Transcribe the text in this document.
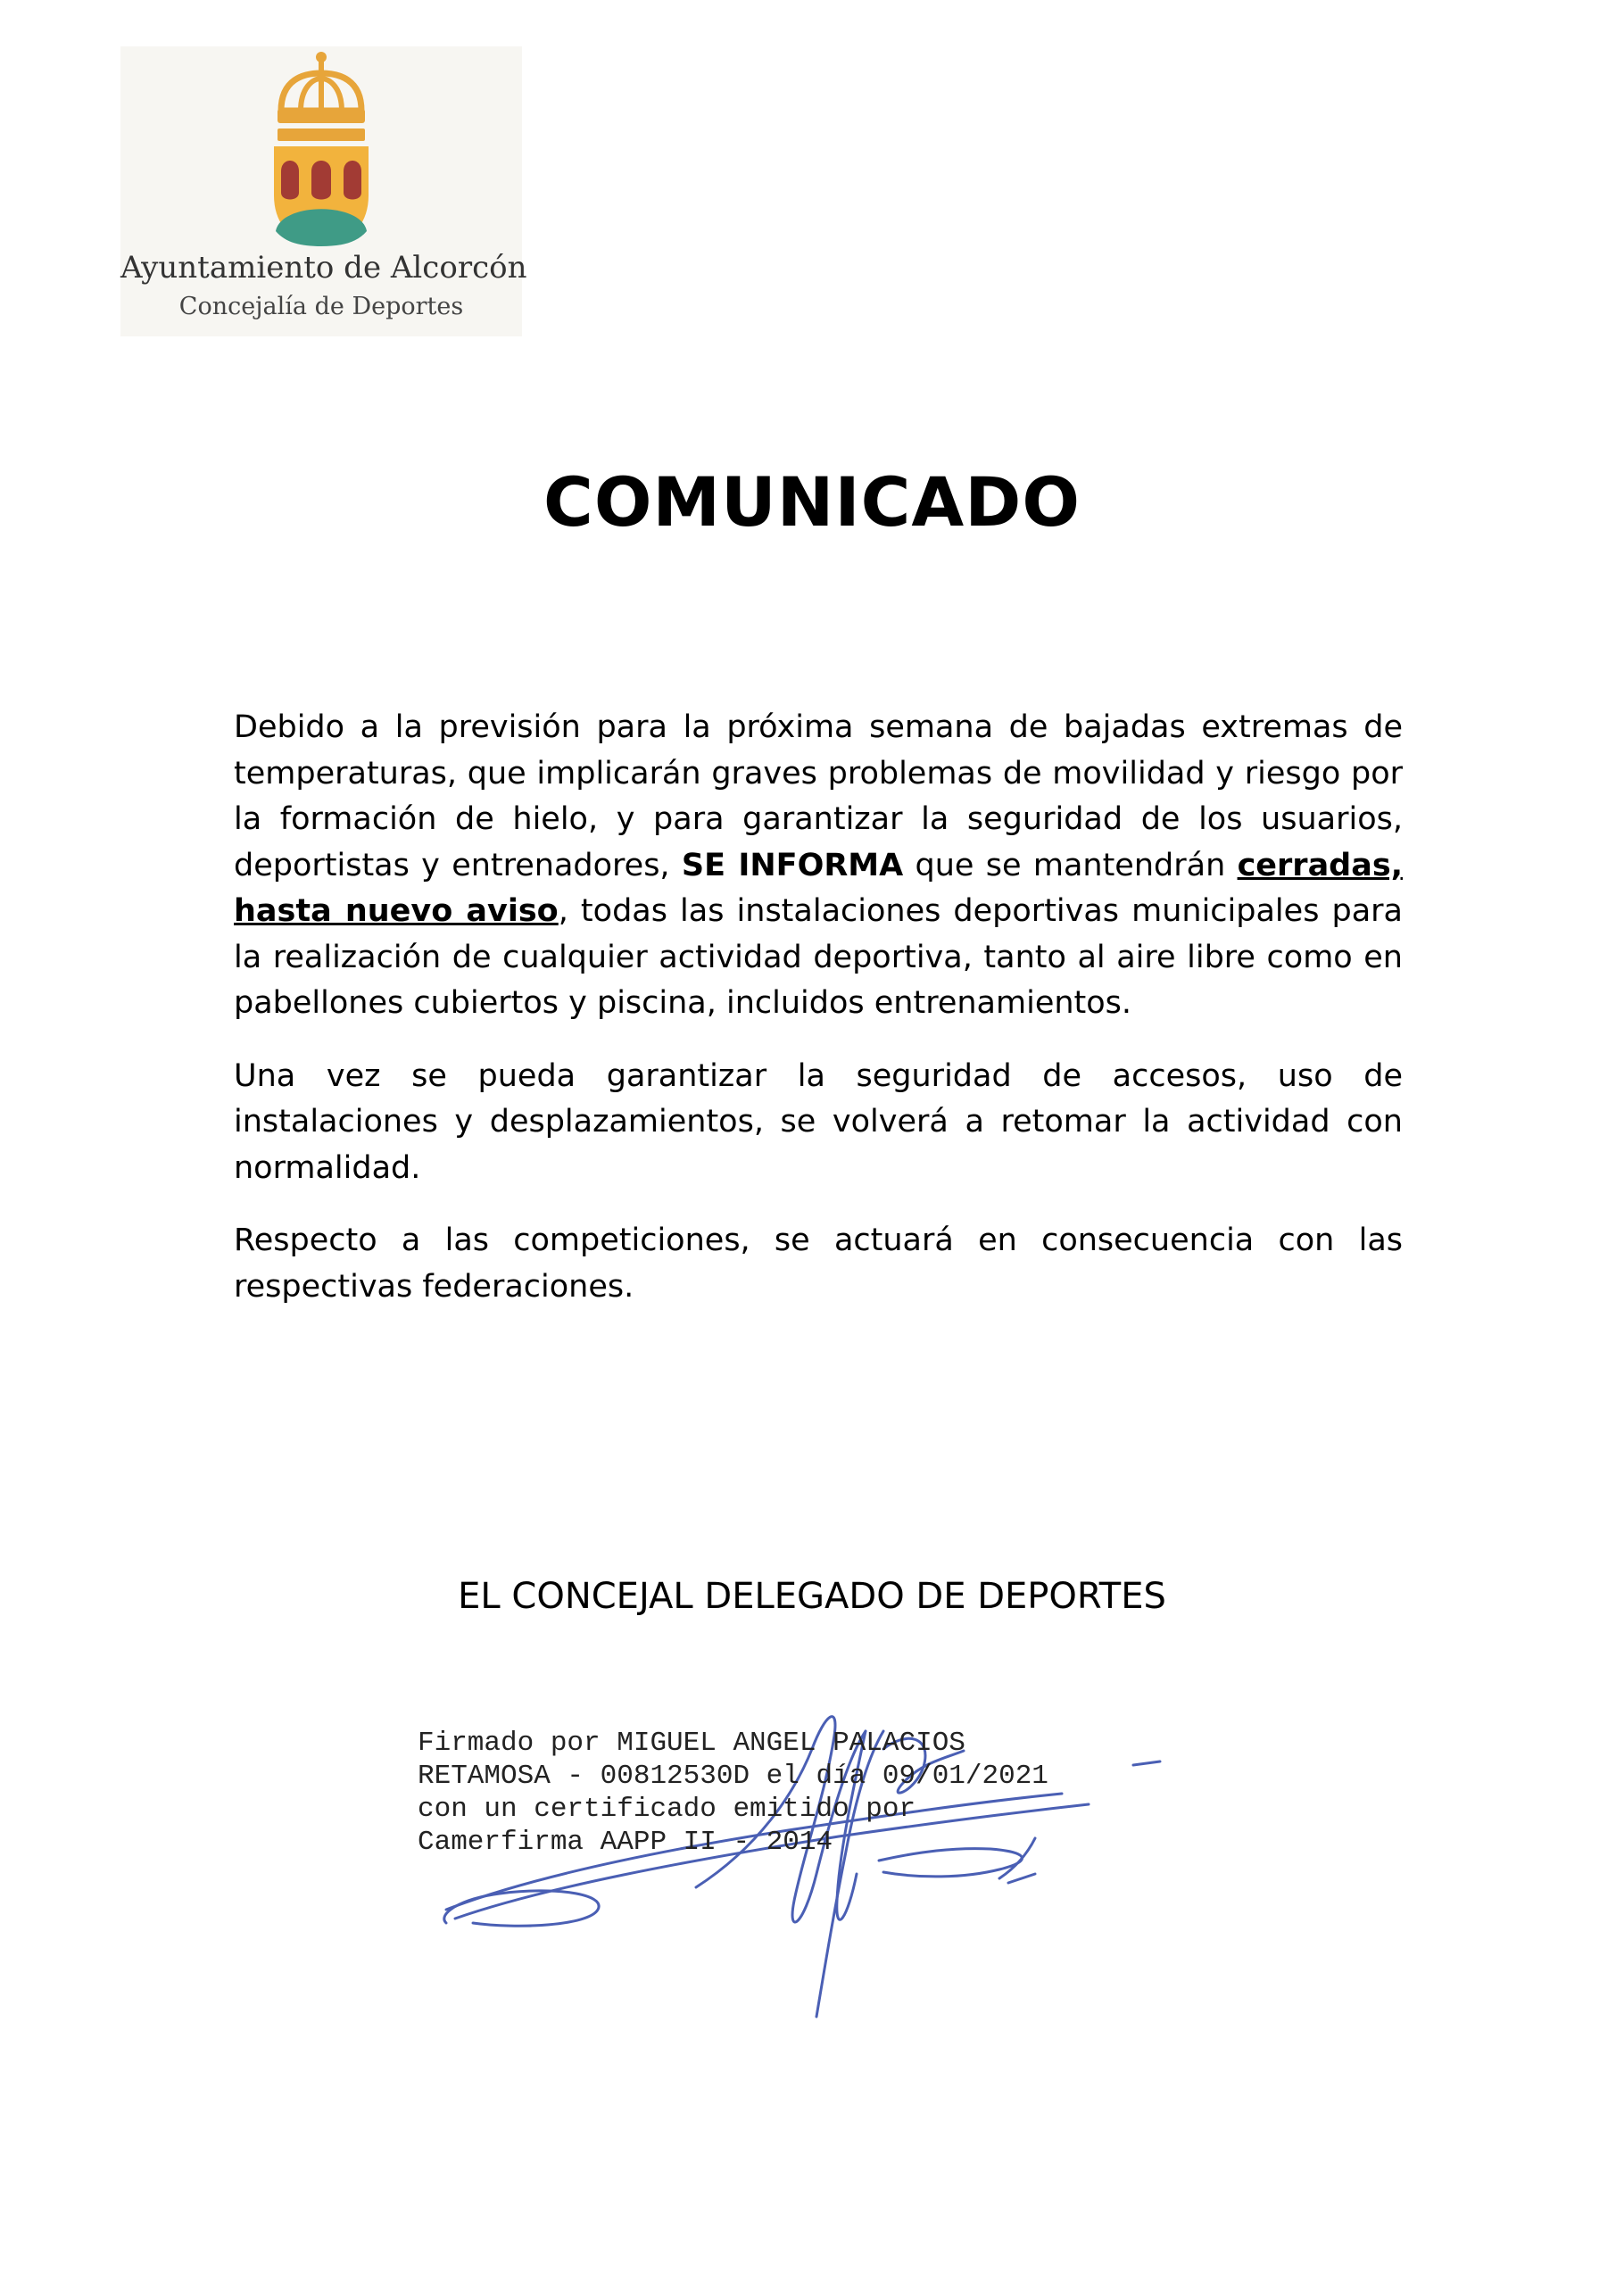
Ayuntamiento de Alcorcón
Concejalía de Deportes
COMUNICADO

Debido a la previsión para la próxima semana de bajadas extremas de temperaturas, que implicarán graves problemas de movilidad y riesgo por la formación de hielo, y para garantizar la seguridad de los usuarios, deportistas y entrenadores, SE INFORMA que se mantendrán cerradas, hasta nuevo aviso, todas las instalaciones deportivas municipales para la realización de cualquier actividad deportiva, tanto al aire libre como en pabellones cubiertos y piscina, incluidos entrenamientos.

Una vez se pueda garantizar la seguridad de accesos, uso de instalaciones y desplazamientos, se volverá a retomar la actividad con normalidad.

Respecto a las competiciones, se actuará en consecuencia con las respectivas federaciones.

EL CONCEJAL DELEGADO DE DEPORTES
Firmado por MIGUEL ANGEL PALACIOS
RETAMOSA - 00812530D el día 09/01/2021
con un certificado emitido por
Camerfirma AAPP II - 2014
